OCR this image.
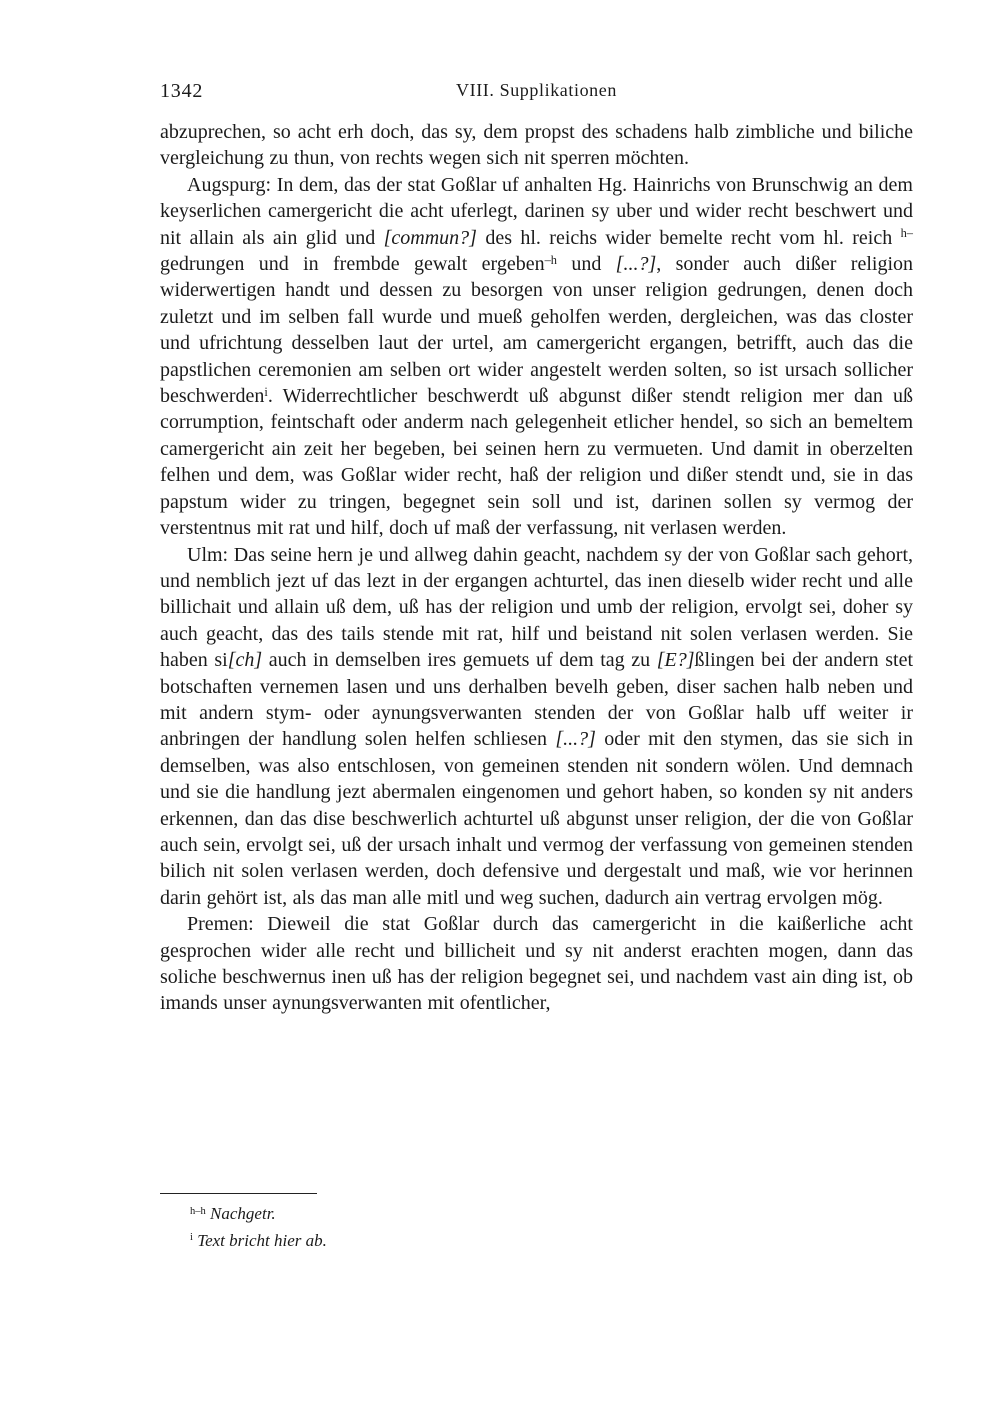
1342	VIII. Supplikationen

abzuprechen, so acht erh doch, das sy, dem propst des schadens halb zimbliche und biliche vergleichung zu thun, von rechts wegen sich nit sperren möchten.

Augspurg: In dem, das der stat Goßlar uf anhalten Hg. Hainrichs von Brunschwig an dem keyserlichen camergericht die acht uferlegt, darinen sy uber und wider recht beschwert und nit allain als ain glid und [commun?] des hl. reichs wider bemelte recht vom hl. reich $^{h-}$gedrungen und in frembde gewalt ergeben$^{-h}$ und [...?], sonder auch dißer religion widerwertigen handt und dessen zu besorgen von unser religion gedrungen, denen doch zuletzt und im selben fall wurde und mueß geholfen werden, dergleichen, was das closter und ufrichtung desselben laut der urtel, am camergericht ergangen, betrifft, auch das die papstlichen ceremonien am selben ort wider angestelt werden solten, so ist ursach sollicher beschwerden$^i$. Widerrechtlicher beschwerdt uß abgunst dißer stendt religion mer dan uß corrumption, feintschaft oder anderm nach gelegenheit etlicher hendel, so sich an bemeltem camergericht ain zeit her begeben, bei seinen hern zu vermueten. Und damit in oberzelten felhen und dem, was Goßlar wider recht, haß der religion und dißer stendt und, sie in das papstum wider zu tringen, begegnet sein soll und ist, darinen sollen sy vermog der verstentnus mit rat und hilf, doch uf maß der verfassung, nit verlasen werden.

Ulm: Das seine hern je und allweg dahin geacht, nachdem sy der von Goßlar sach gehort, und nemblich jezt uf das lezt in der ergangen achturtel, das inen dieselb wider recht und alle billichait und allain uß dem, uß has der religion und umb der religion, ervolgt sei, doher sy auch geacht, das des tails stende mit rat, hilf und beistand nit solen verlasen werden. Sie haben si[ch] auch in demselben ires gemuets uf dem tag zu [E?]ßlingen bei der andern stet botschaften vernemen lasen und uns derhalben bevelh geben, diser sachen halb neben und mit andern stym- oder aynungsverwanten stenden der von Goßlar halb uff weiter ir anbringen der handlung solen helfen schliesen [...?] oder mit den stymen, das sie sich in demselben, was also entschlosen, von gemeinen stenden nit sondern wölen. Und demnach und sie die handlung jezt abermalen eingenomen und gehort haben, so konden sy nit anders erkennen, dan das dise beschwerlich achturtel uß abgunst unser religion, der die von Goßlar auch sein, ervolgt sei, uß der ursach inhalt und vermog der verfassung von gemeinen stenden bilich nit solen verlasen werden, doch defensive und dergestalt und maß, wie vor herinnen darin gehört ist, als das man alle mitl und weg suchen, dadurch ain vertrag ervolgen mög.

Premen: Dieweil die stat Goßlar durch das camergericht in die kaißerliche acht gesprochen wider alle recht und billicheit und sy nit anderst erachten mogen, dann das soliche beschwernus inen uß has der religion begegnet sei, und nachdem vast ain ding ist, ob imands unser aynungsverwanten mit ofentlicher,

$^{h-h}$ Nachgetr.
$^i$ Text bricht hier ab.
